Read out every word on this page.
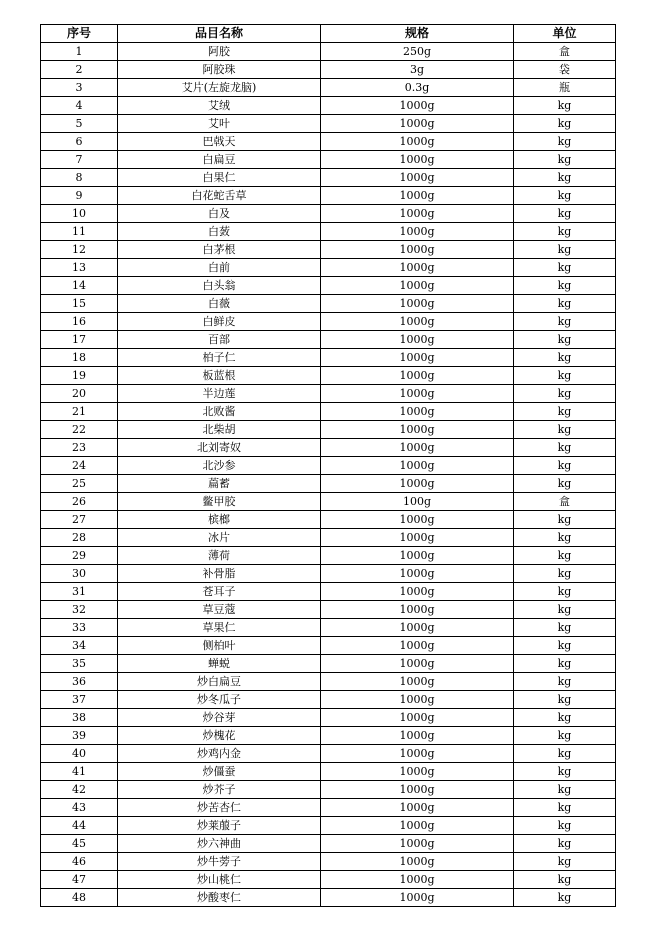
序号	品目名称	规格	单位
1	阿胶	250g	盒
2	阿胶珠	3g	袋
3	艾片(左旋龙脑)	0.3g	瓶
4	艾绒	1000g	kg
5	艾叶	1000g	kg
6	巴戟天	1000g	kg
7	白扁豆	1000g	kg
8	白果仁	1000g	kg
9	白花蛇舌草	1000g	kg
10	白及	1000g	kg
11	白蔹	1000g	kg
12	白茅根	1000g	kg
13	白前	1000g	kg
14	白头翁	1000g	kg
15	白薇	1000g	kg
16	白鲜皮	1000g	kg
17	百部	1000g	kg
18	柏子仁	1000g	kg
19	板蓝根	1000g	kg
20	半边莲	1000g	kg
21	北败酱	1000g	kg
22	北柴胡	1000g	kg
23	北刘寄奴	1000g	kg
24	北沙参	1000g	kg
25	萹蓄	1000g	kg
26	鳖甲胶	100g	盒
27	槟榔	1000g	kg
28	冰片	1000g	kg
29	薄荷	1000g	kg
30	补骨脂	1000g	kg
31	苍耳子	1000g	kg
32	草豆蔻	1000g	kg
33	草果仁	1000g	kg
34	侧柏叶	1000g	kg
35	蝉蜕	1000g	kg
36	炒白扁豆	1000g	kg
37	炒冬瓜子	1000g	kg
38	炒谷芽	1000g	kg
39	炒槐花	1000g	kg
40	炒鸡内金	1000g	kg
41	炒僵蚕	1000g	kg
42	炒芥子	1000g	kg
43	炒苦杏仁	1000g	kg
44	炒莱菔子	1000g	kg
45	炒六神曲	1000g	kg
46	炒牛蒡子	1000g	kg
47	炒山桃仁	1000g	kg
48	炒酸枣仁	1000g	kg
